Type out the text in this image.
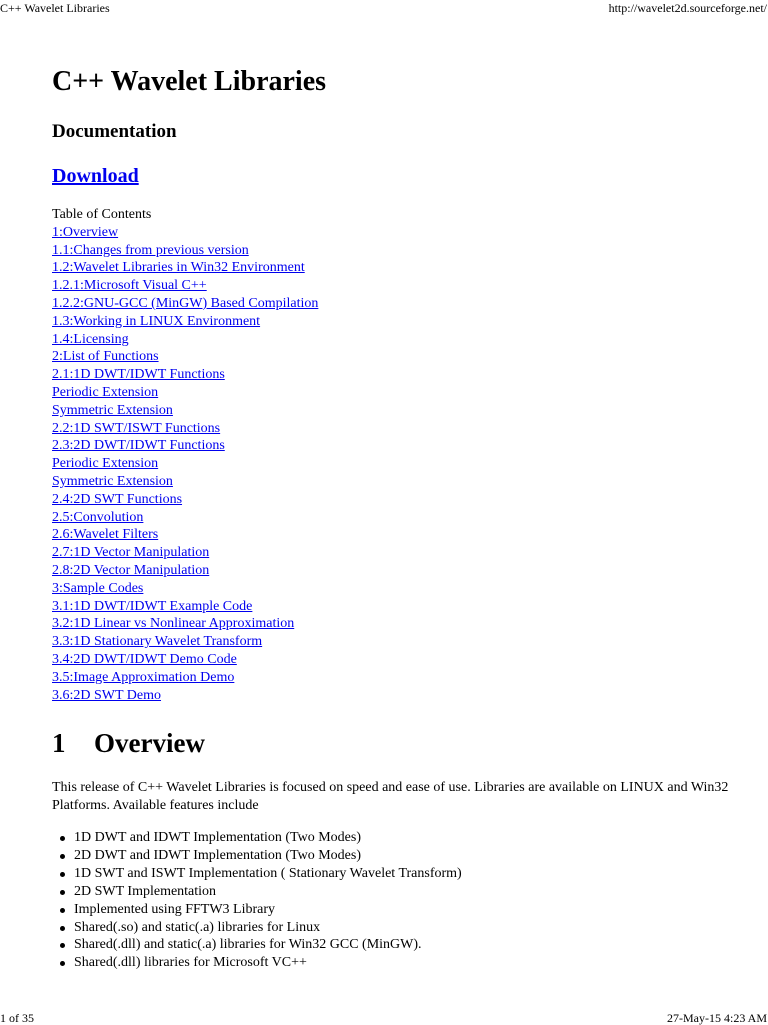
C++ Wavelet Libraries	http://wavelet2d.sourceforge.net/
C++ Wavelet Libraries
Documentation
Download
Table of Contents
1:Overview
1.1:Changes from previous version
1.2:Wavelet Libraries in Win32 Environment
1.2.1:Microsoft Visual C++
1.2.2:GNU-GCC (MinGW) Based Compilation
1.3:Working in LINUX Environment
1.4:Licensing
2:List of Functions
2.1:1D DWT/IDWT Functions
Periodic Extension
Symmetric Extension
2.2:1D SWT/ISWT Functions
2.3:2D DWT/IDWT Functions
Periodic Extension
Symmetric Extension
2.4:2D SWT Functions
2.5:Convolution
2.6:Wavelet Filters
2.7:1D Vector Manipulation
2.8:2D Vector Manipulation
3:Sample Codes
3.1:1D DWT/IDWT Example Code
3.2:1D Linear vs Nonlinear Approximation
3.3:1D Stationary Wavelet Transform
3.4:2D DWT/IDWT Demo Code
3.5:Image Approximation Demo
3.6:2D SWT Demo
1 Overview

This release of C++ Wavelet Libraries is focused on speed and ease of use. Libraries are available on LINUX and Win32 Platforms. Available features include

1D DWT and IDWT Implementation (Two Modes)
2D DWT and IDWT Implementation (Two Modes)
1D SWT and ISWT Implementation ( Stationary Wavelet Transform)
2D SWT Implementation
Implemented using FFTW3 Library
Shared(.so) and static(.a) libraries for Linux
Shared(.dll) and static(.a) libraries for Win32 GCC (MinGW).
Shared(.dll) libraries for Microsoft VC++
1 of 35	27-May-15 4:23 AM
